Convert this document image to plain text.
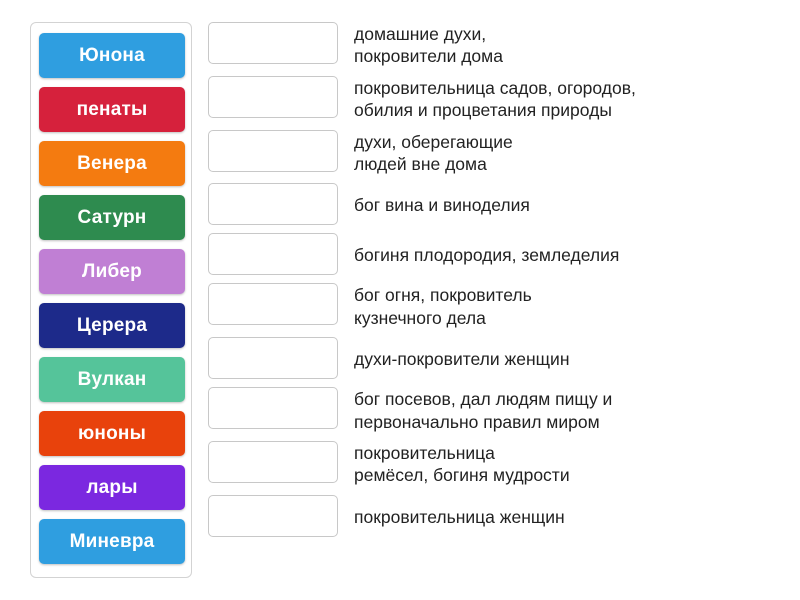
Юнона
пенаты
Венера
Сатурн
Либер
Церера
Вулкан
юноны
лары
Миневра
домашние духи,
покровители дома
покровительница садов, огородов,
обилия и процветания природы
духи, оберегающие
людей вне дома
бог вина и виноделия
богиня плодородия, земледелия
бог огня, покровитель
кузнечного дела
духи-покровители женщин
бог посевов, дал людям пищу и
первоначально правил миром
покровительница
ремёсел, богиня мудрости
покровительница женщин
